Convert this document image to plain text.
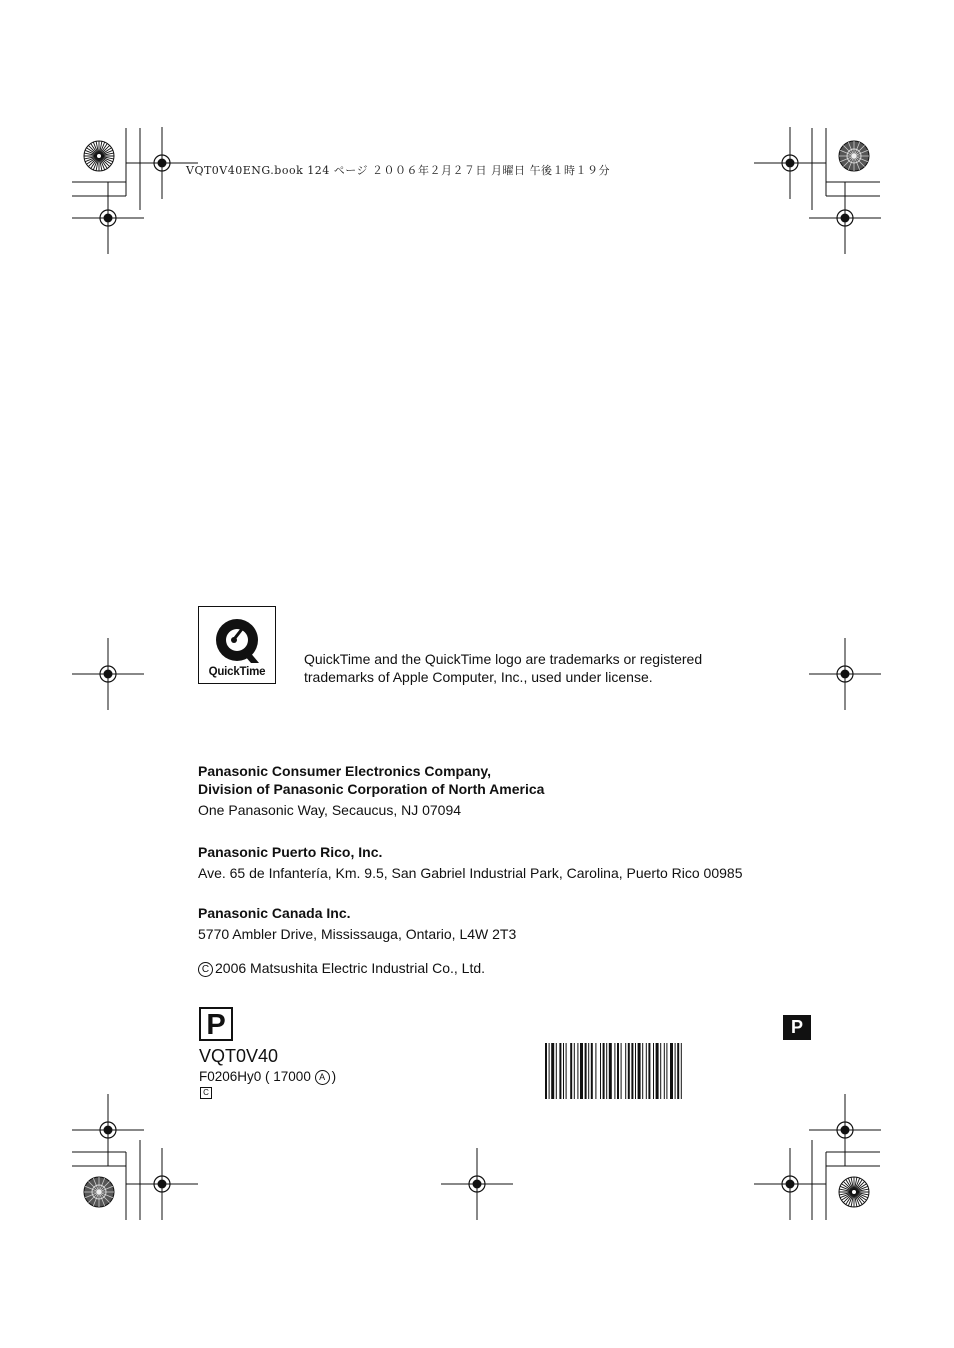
VQT0V40ENG.book 124 ページ ２００６年２月２７日 月曜日 午後１時１９分
QuickTime
QuickTime and the QuickTime logo are trademarks or registered trademarks of Apple Computer, Inc., used under license.
Panasonic Consumer Electronics Company,
Division of Panasonic Corporation of North America
One Panasonic Way, Secaucus, NJ 07094
Panasonic Puerto Rico, Inc.
Ave. 65 de Infantería, Km. 9.5, San Gabriel Industrial Park, Carolina, Puerto Rico 00985
Panasonic Canada Inc.
5770 Ambler Drive, Mississauga, Ontario, L4W 2T3
C 2006 Matsushita Electric Industrial Co., Ltd.
P
VQT0V40
F0206Hy0 ( 17000 A )
C
P
